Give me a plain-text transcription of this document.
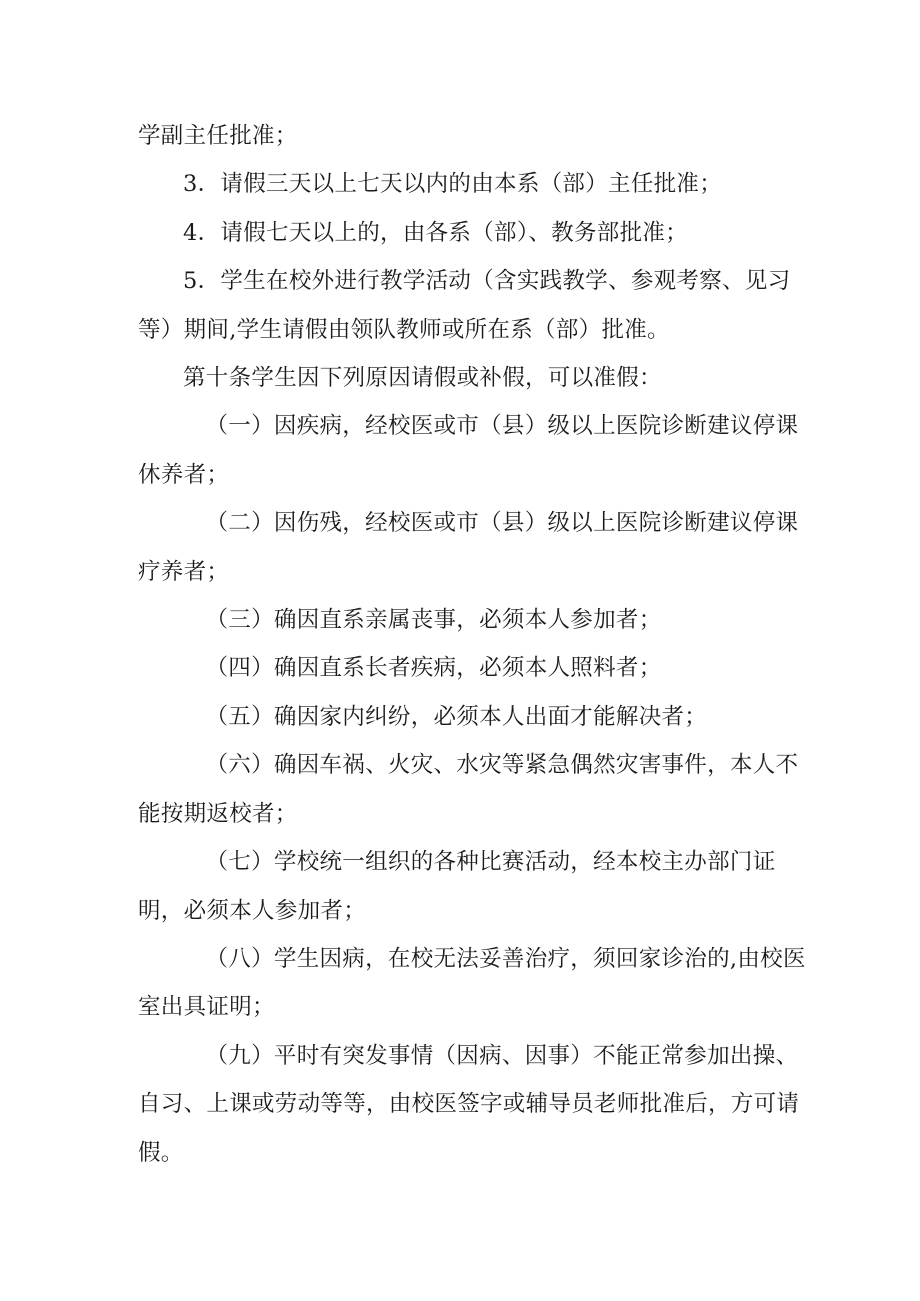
学副主任批准；

3．请假三天以上七天以内的由本系（部）主任批准；

4．请假七天以上的，由各系（部）、教务部批准；

5．学生在校外进行教学活动（含实践教学、参观考察、见习等）期间,学生请假由领队教师或所在系（部）批准。

第十条学生因下列原因请假或补假，可以准假：

（一）因疾病，经校医或市（县）级以上医院诊断建议停课休养者；

（二）因伤残，经校医或市（县）级以上医院诊断建议停课疗养者；

（三）确因直系亲属丧事，必须本人参加者；

（四）确因直系长者疾病，必须本人照料者；

（五）确因家内纠纷，必须本人出面才能解决者；

（六）确因车祸、火灾、水灾等紧急偶然灾害事件，本人不能按期返校者；

（七）学校统一组织的各种比赛活动，经本校主办部门证明，必须本人参加者；

（八）学生因病，在校无法妥善治疗，须回家诊治的,由校医室出具证明；

（九）平时有突发事情（因病、因事）不能正常参加出操、自习、上课或劳动等等，由校医签字或辅导员老师批准后，方可请假。
